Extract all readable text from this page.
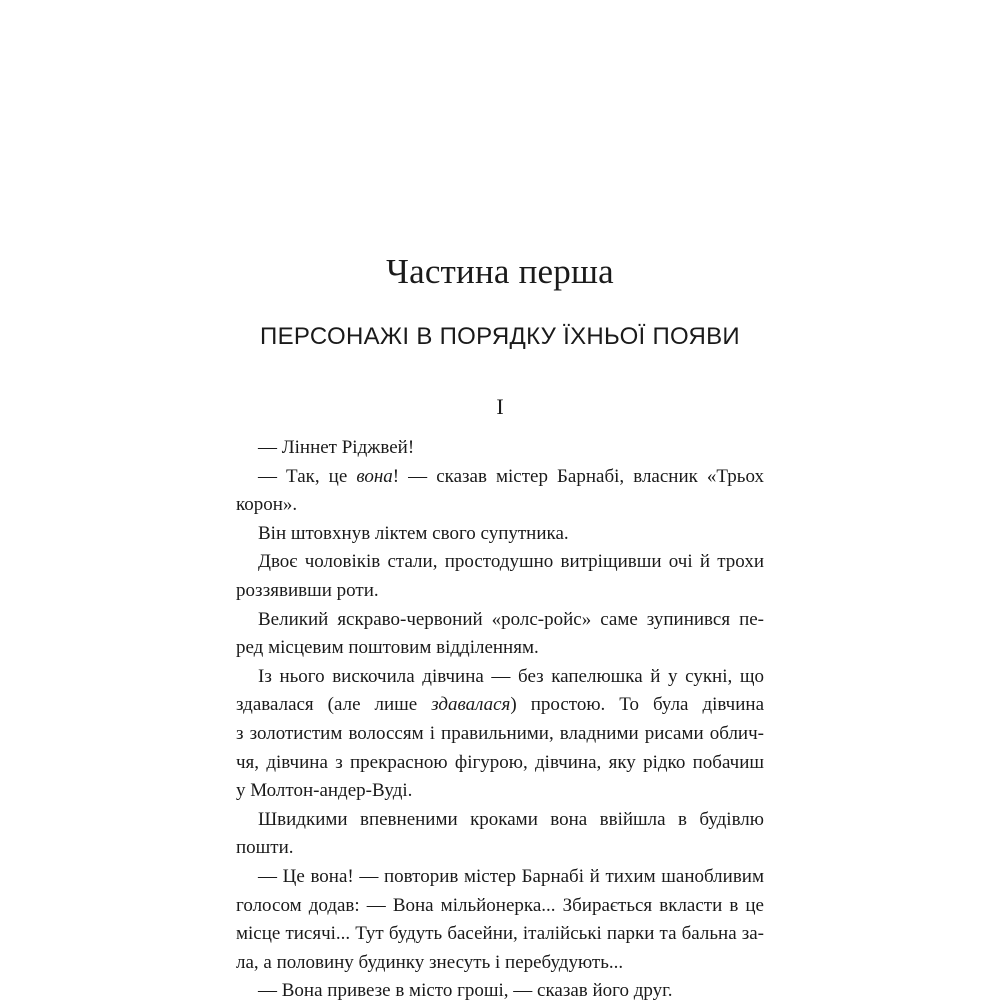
Частина перша
ПЕРСОНАЖІ В ПОРЯДКУ ЇХНЬОЇ ПОЯВИ
I
— Ліннет Ріджвей!
— Так, це вона! — сказав містер Барнабі, власник «Трьох
корон».
Він штовхнув ліктем свого супутника.
Двоє чоловіків стали, простодушно витріщивши очі й трохи
роззявивши роти.
Великий яскраво-червоний «ролс-ройс» саме зупинився пе-
ред місцевим поштовим відділенням.
Із нього вискочила дівчина — без капелюшка й у сукні, що
здавалася (але лише здавалася) простою. То була дівчина
з золотистим волоссям і правильними, владними рисами облич-
чя, дівчина з прекрасною фігурою, дівчина, яку рідко побачиш
у Молтон-андер-Вуді.
Швидкими впевненими кроками вона ввійшла в будівлю
пошти.
— Це вона! — повторив містер Барнабі й тихим шанобливим
голосом додав: — Вона мільйонерка... Збирається вкласти в це
місце тисячі... Тут будуть басейни, італійські парки та бальна за-
ла, а половину будинку знесуть і перебудують...
— Вона привезе в місто гроші, — сказав його друг.
